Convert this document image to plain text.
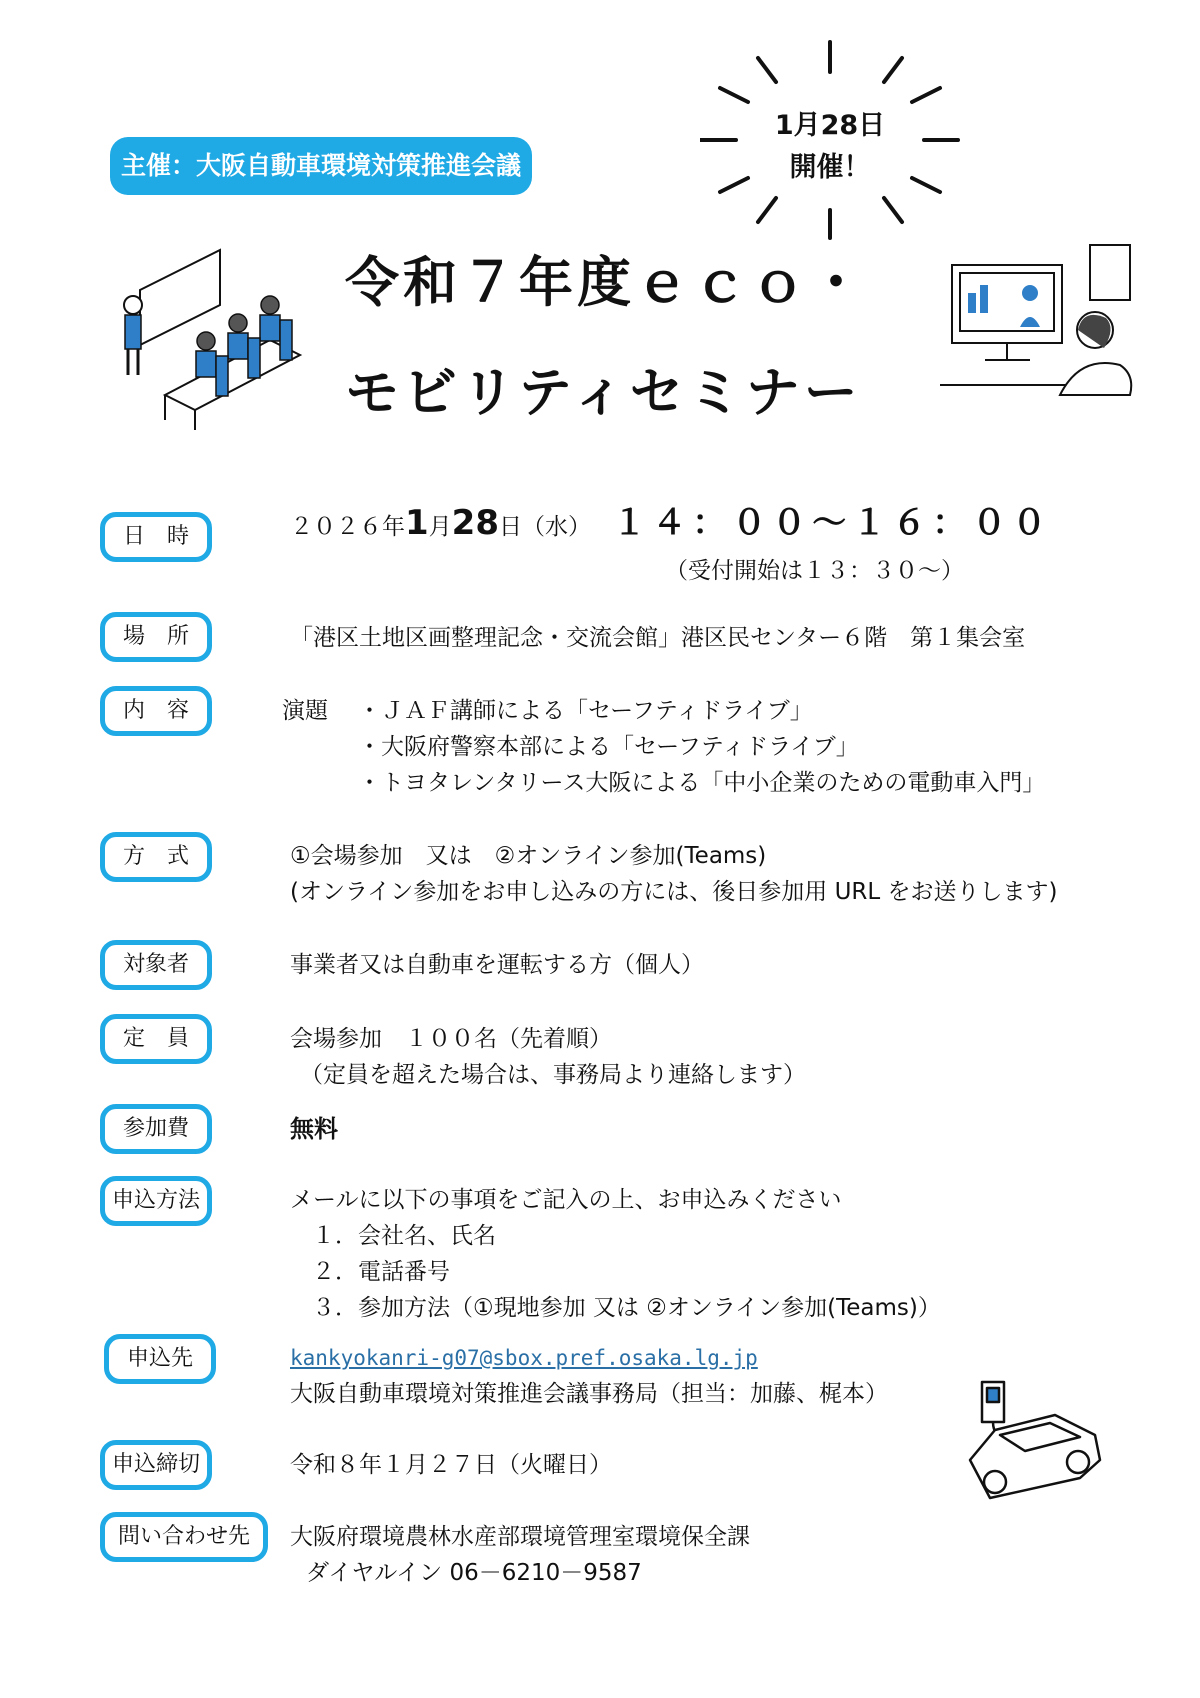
主催：大阪自動車環境対策推進会議
1月28日
開催！
令和７年度ｅｃｏ・
モビリティセミナー
日　時	２０２６年1月28日（水） １４：００～１６：００
（受付開始は１３：３０～）
場　所	「港区土地区画整理記念・交流会館」港区民センター６階　第１集会室
内　容	演題 ・ＪＡＦ講師による「セーフティドライブ」
・大阪府警察本部による「セーフティドライブ」
・トヨタレンタリース大阪による「中小企業のための電動車入門」
方　式	①会場参加　又は　②オンライン参加(Teams)
(オンライン参加をお申し込みの方には、後日参加用 URL をお送りします)
対象者	事業者又は自動車を運転する方（個人）
定　員	会場参加　１００名（先着順）
（定員を超えた場合は、事務局より連絡します）
参加費	無料
申込方法	メールに以下の事項をご記入の上、お申込みください
１．会社名、氏名
２．電話番号
３．参加方法（①現地参加 又は ②オンライン参加(Teams)）
申込先	kankyokanri-g07@sbox.pref.osaka.lg.jp
大阪自動車環境対策推進会議事務局（担当：加藤、梶本）
申込締切	令和８年１月２７日（火曜日）
問い合わせ先	大阪府環境農林水産部環境管理室環境保全課
ダイヤルイン 06－6210－9587
